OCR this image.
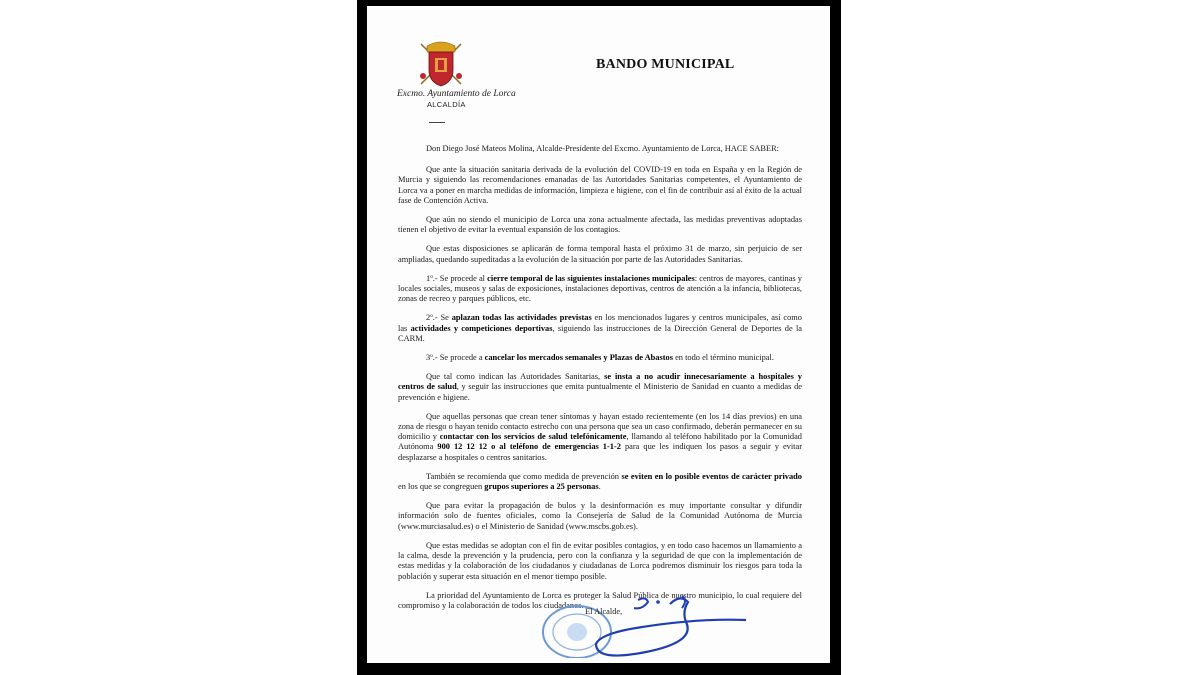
Excmo. Ayuntamiento de Lorca
ALCALDÍA
BANDO MUNICIPAL

Don Diego José Mateos Molina, Alcalde-Presidente del Excmo. Ayuntamiento de Lorca, HACE SABER:

Que ante la situación sanitaria derivada de la evolución del COVID-19 en toda en España y en la Región de Murcia y siguiendo las recomendaciones emanadas de las Autoridades Sanitarias competentes, el Ayuntamiento de Lorca va a poner en marcha medidas de información, limpieza e higiene, con el fin de contribuir así al éxito de la actual fase de Contención Activa.

Que aún no siendo el municipio de Lorca una zona actualmente afectada, las medidas preventivas adoptadas tienen el objetivo de evitar la eventual expansión de los contagios.

Que estas disposiciones se aplicarán de forma temporal hasta el próximo 31 de marzo, sin perjuicio de ser ampliadas, quedando supeditadas a la evolución de la situación por parte de las Autoridades Sanitarias.

1º.- Se procede al cierre temporal de las siguientes instalaciones municipales: centros de mayores, cantinas y locales sociales, museos y salas de exposiciones, instalaciones deportivas, centros de atención a la infancia, bibliotecas, zonas de recreo y parques públicos, etc.

2º.- Se aplazan todas las actividades previstas en los mencionados lugares y centros municipales, así como las actividades y competiciones deportivas, siguiendo las instrucciones de la Dirección General de Deportes de la CARM.

3º.- Se procede a cancelar los mercados semanales y Plazas de Abastos en todo el término municipal.

Que tal como indican las Autoridades Sanitarias, se insta a no acudir innecesariamente a hospitales y centros de salud, y seguir las instrucciones que emita puntualmente el Ministerio de Sanidad en cuanto a medidas de prevención e higiene.

Que aquellas personas que crean tener síntomas y hayan estado recientemente (en los 14 días previos) en una zona de riesgo o hayan tenido contacto estrecho con una persona que sea un caso confirmado, deberán permanecer en su domicilio y contactar con los servicios de salud telefónicamente, llamando al teléfono habilitado por la Comunidad Autónoma 900 12 12 12 o al teléfono de emergencias 1-1-2 para que les indiquen los pasos a seguir y evitar desplazarse a hospitales o centros sanitarios.

También se recomienda que como medida de prevención se eviten en lo posible eventos de carácter privado en los que se congreguen grupos superiores a 25 personas.

Que para evitar la propagación de bulos y la desinformación es muy importante consultar y difundir información solo de fuentes oficiales, como la Consejería de Salud de la Comunidad Autónoma de Murcia (www.murciasalud.es) o el Ministerio de Sanidad (www.mscbs.gob.es).

Que estas medidas se adoptan con el fin de evitar posibles contagios, y en todo caso hacemos un llamamiento a la calma, desde la prevención y la prudencia, pero con la confianza y la seguridad de que con la implementación de estas medidas y la colaboración de los ciudadanos y ciudadanas de Lorca podremos disminuir los riesgos para toda la población y superar esta situación en el menor tiempo posible.

La prioridad del Ayuntamiento de Lorca es proteger la Salud Pública de nuestro municipio, lo cual requiere del compromiso y la colaboración de todos los ciudadanos.

El Alcalde,
